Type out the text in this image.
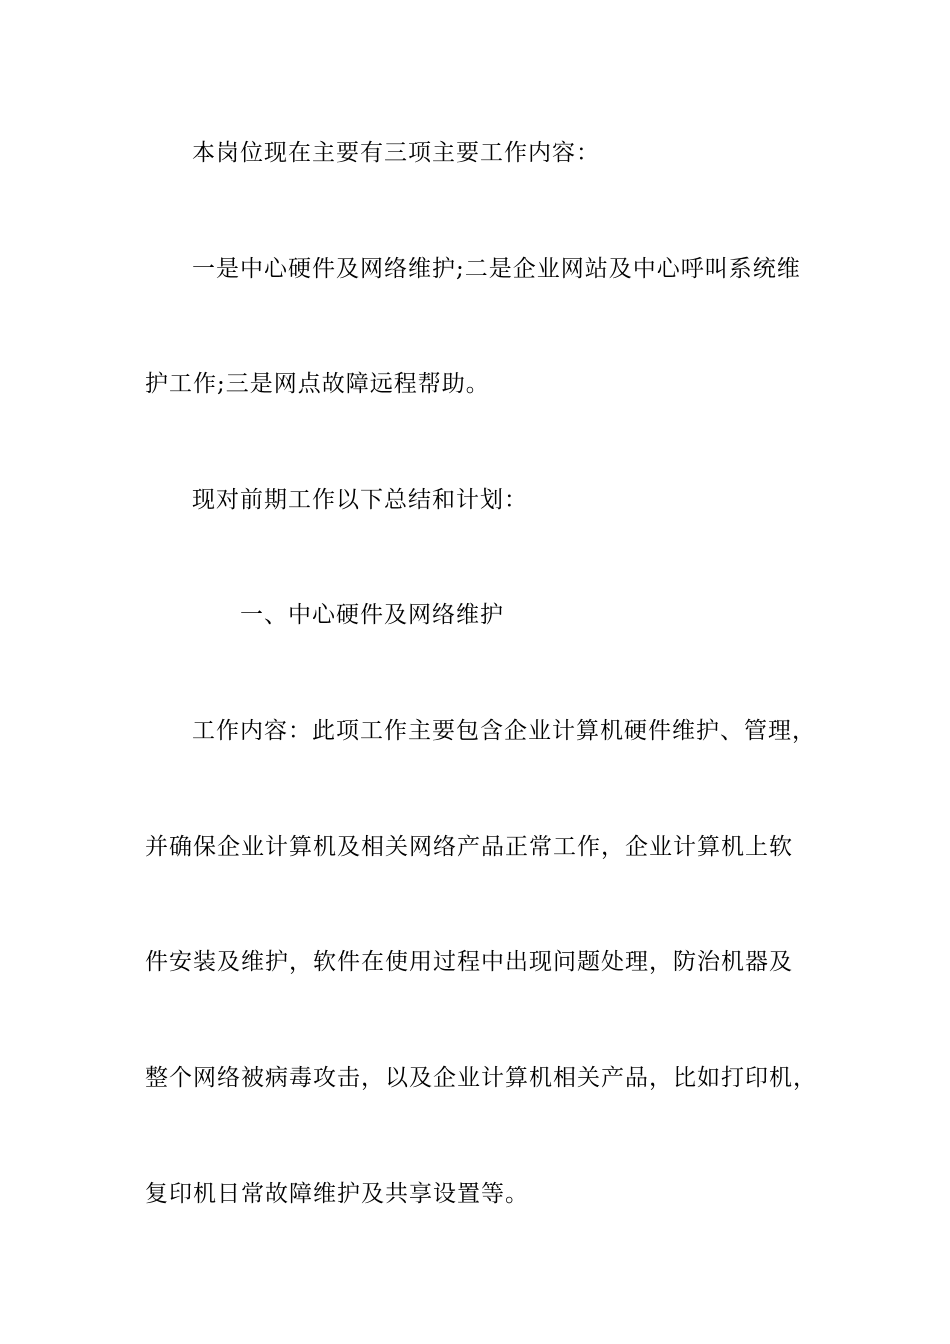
本岗位现在主要有三项主要工作内容：
一是中心硬件及网络维护;二是企业网站及中心呼叫系统维
护工作;三是网点故障远程帮助。
现对前期工作以下总结和计划：
一、中心硬件及网络维护
工作内容：此项工作主要包含企业计算机硬件维护、管理，
并确保企业计算机及相关网络产品正常工作，企业计算机上软
件安装及维护，软件在使用过程中出现问题处理，防治机器及
整个网络被病毒攻击，以及企业计算机相关产品，比如打印机，
复印机日常故障维护及共享设置等。
